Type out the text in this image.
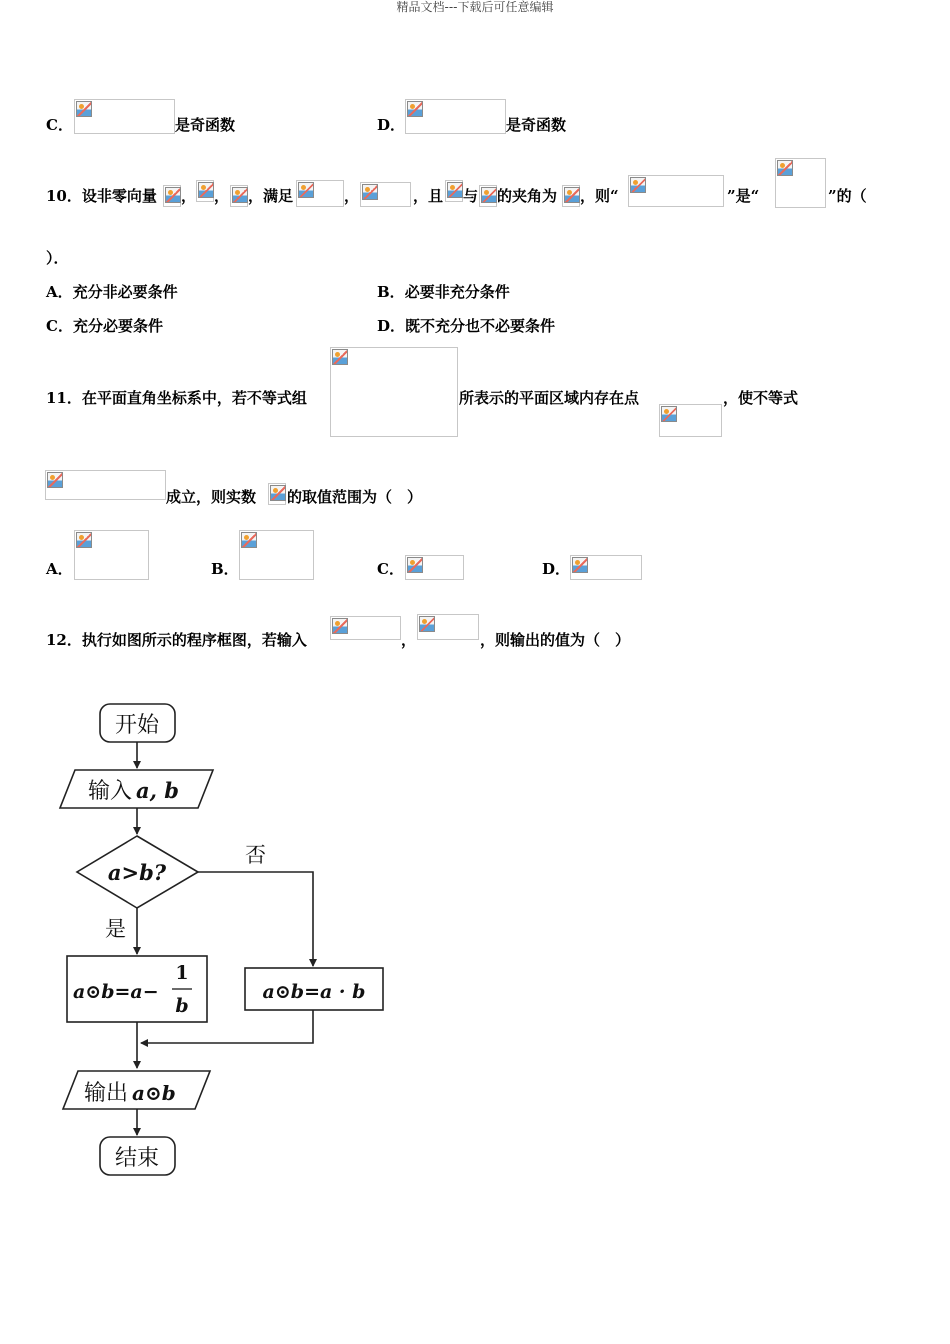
精品文档---下载后可任意编辑
C．	是奇函数	D．	是奇函数
10．设非零向量 ， ， ，满足	，	，且 与 的夹角为 ，则“	”是“	”的（
）．
A．充分非必要条件	B．必要非充分条件
C．充分必要条件	D．既不充分也不必要条件
11．在平面直角坐标系中，若不等式组	所表示的平面区域内存在点	，使不等式
成立，则实数 的取值范围为（　）
A．	B．	C．	D．
12．执行如图所示的程序框图，若输入	，	，则输出的值为（　）
开始
输入 a, b
a>b?
否
是
a⊙b=a−
1
b
a⊙b=a · b
输出 a⊙b
结束
